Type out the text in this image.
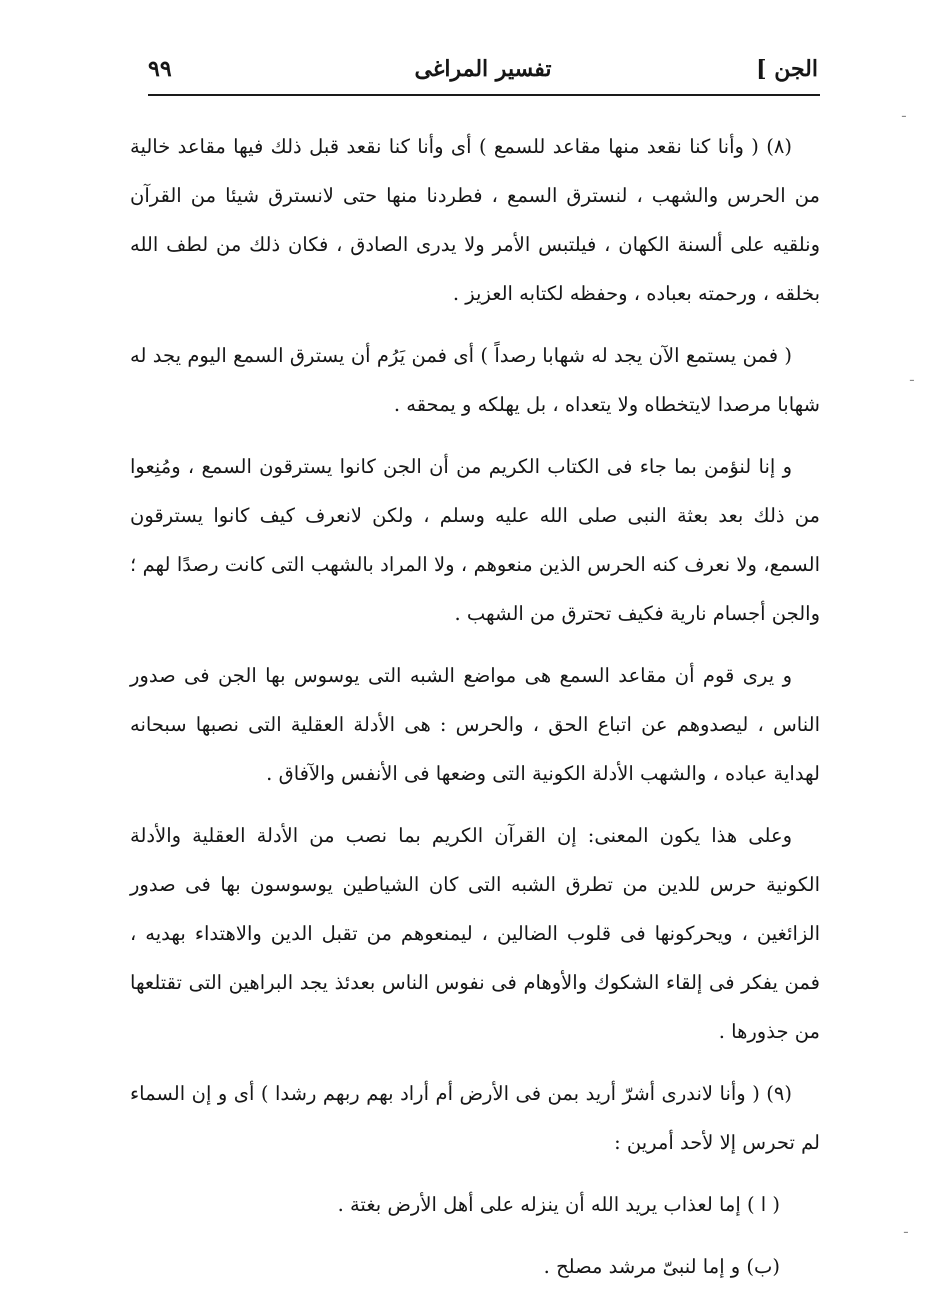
الجن ]
تفسير المراغى
٩٩

(٨) ( وأنا كنا نقعد منها مقاعد للسمع ) أى وأنا كنا نقعد قبل ذلك فيها مقاعد خالية من الحرس والشهب ، لنسترق السمع ، فطردنا منها حتى لانسترق شيئا من القرآن ونلقيه على ألسنة الكهان ، فيلتبس الأمر ولا يدرى الصادق ، فكان ذلك من لطف الله بخلقه ، ورحمته بعباده ، وحفظه لكتابه العزيز .

( فمن يستمع الآن يجد له شهابا رصداً ) أى فمن يَرُم أن يسترق السمع اليوم يجد له شهابا مرصدا لايتخطاه ولا يتعداه ، بل يهلكه و يمحقه .

و إنا لنؤمن بما جاء فى الكتاب الكريم من أن الجن كانوا يسترقون السمع ، ومُنِعوا من ذلك بعد بعثة النبى صلى الله عليه وسلم ، ولكن لانعرف كيف كانوا يسترقون السمع، ولا نعرف كنه الحرس الذين منعوهم ، ولا المراد بالشهب التى كانت رصدًا لهم ؛ والجن أجسام نارية فكيف تحترق من الشهب .

و يرى قوم أن مقاعد السمع هى مواضع الشبه التى يوسوس بها الجن فى صدور الناس ، ليصدوهم عن اتباع الحق ، والحرس : هى الأدلة العقلية التى نصبها سبحانه لهداية عباده ، والشهب الأدلة الكونية التى وضعها فى الأنفس والآفاق .

وعلى هذا يكون المعنى: إن القرآن الكريم بما نصب من الأدلة العقلية والأدلة الكونية حرس للدين من تطرق الشبه التى كان الشياطين يوسوسون بها فى صدور الزائغين ، ويحركونها فى قلوب الضالين ، ليمنعوهم من تقبل الدين والاهتداء بهديه ، فمن يفكر فى إلقاء الشكوك والأوهام فى نفوس الناس بعدئذ يجد البراهين التى تقتلعها من جذورها .

(٩) ( وأنا لاندرى أشرّ أريد بمن فى الأرض أم أراد بهم ربهم رشدا ) أى و إن السماء لم تحرس إلا لأحد أمرين :

( ا ) إما لعذاب يريد الله أن ينزله على أهل الأرض بغتة .

(ب) و إما لنبىّ مرشد مصلح .

ـ
ـ
ـ
